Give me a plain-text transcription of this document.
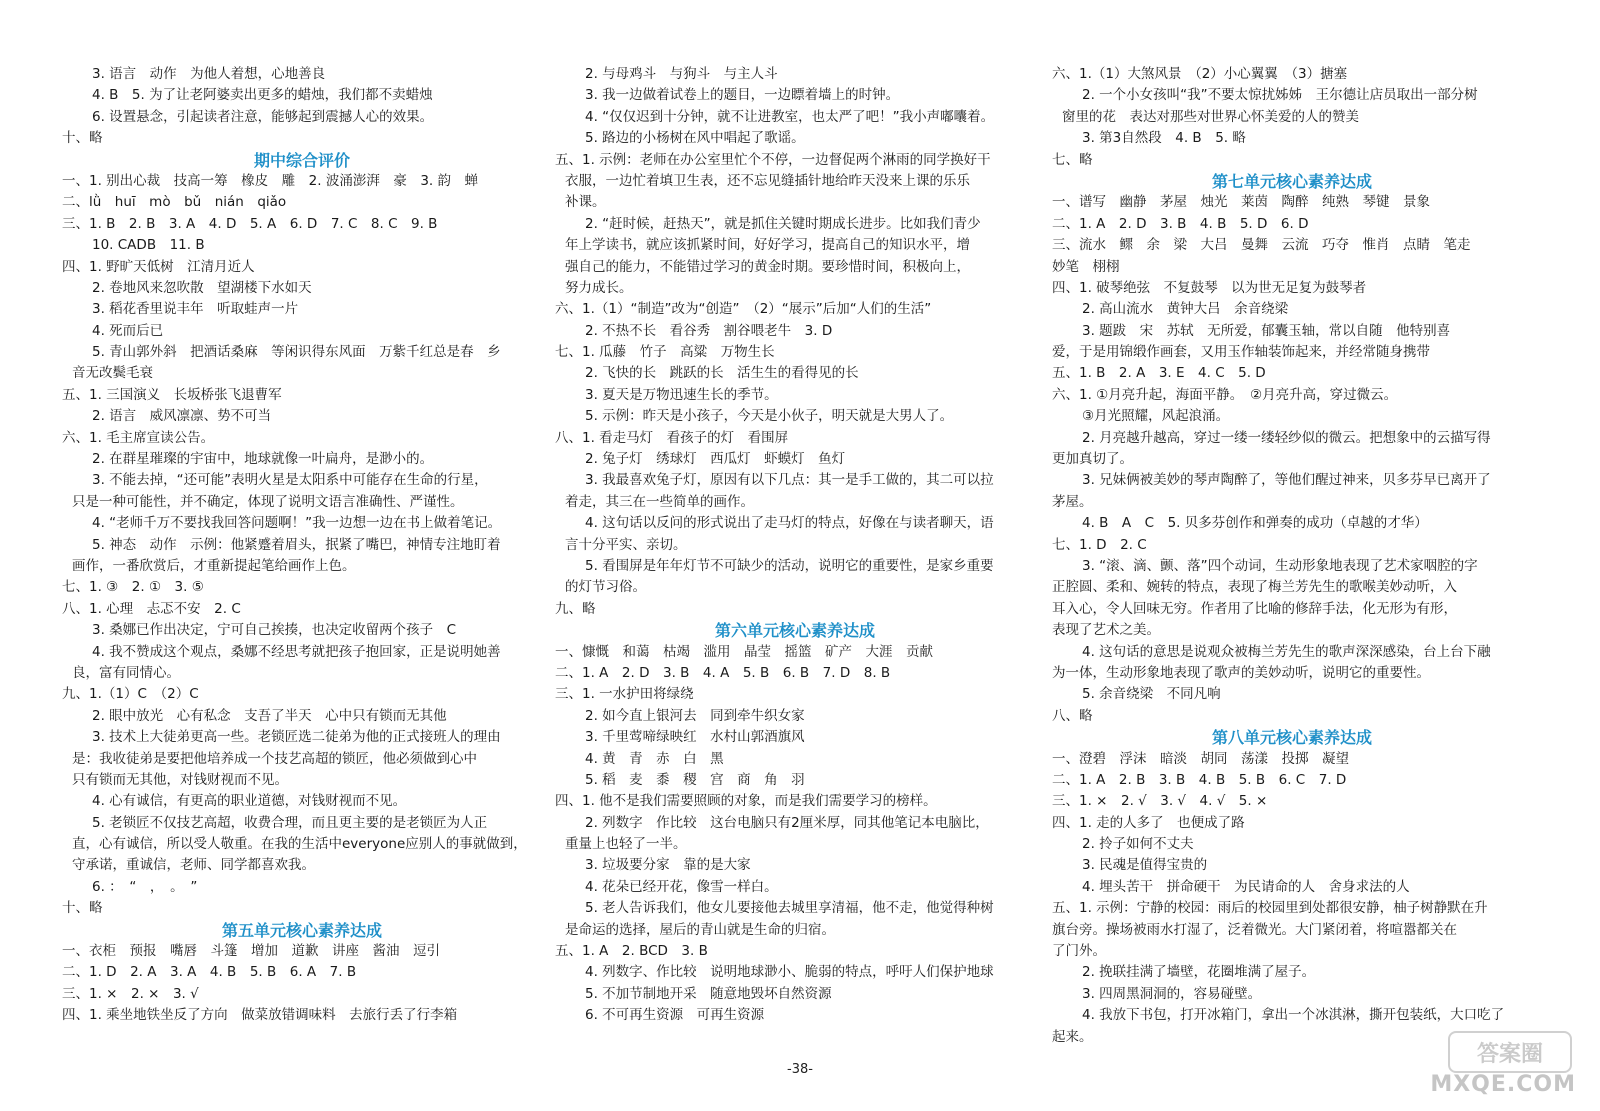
3. 语言　动作　为他人着想，心地善良
4. B　5. 为了让老阿婆卖出更多的蜡烛，我们都不卖蜡烛
6. 设置悬念，引起读者注意，能够起到震撼人心的效果。
十、略
期中综合评价
一、1. 别出心裁　技高一筹　橡皮　雕　2. 波涌澎湃　豪　3. 韵　蝉
二、lǜ　huī　mò　bǔ　nián　qiǎo
三、1. B　2. B　3. A　4. D　5. A　6. D　7. C　8. C　9. B
10. CADB　11. B
四、1. 野旷天低树　江清月近人
2. 卷地风来忽吹散　望湖楼下水如天
3. 稻花香里说丰年　听取蛙声一片
4. 死而后已
5. 青山郭外斜　把酒话桑麻　等闲识得东风面　万紫千红总是春　乡
音无改鬓毛衰
五、1. 三国演义　长坂桥张飞退曹军
2. 语言　威风凛凛、势不可当
六、1. 毛主席宣读公告。
2. 在群星璀璨的宇宙中，地球就像一叶扁舟，是渺小的。
3. 不能去掉，“还可能”表明火星是太阳系中可能存在生命的行星，
只是一种可能性，并不确定，体现了说明文语言准确性、严谨性。
4. “老师千万不要找我回答问题啊！”我一边想一边在书上做着笔记。
5. 神态　动作　示例：他紧蹙着眉头，抿紧了嘴巴，神情专注地盯着
画作，一番欣赏后，才重新提起笔给画作上色。
七、1. ③　2. ①　3. ⑤
八、1. 心理　忐忑不安　2. C
3. 桑娜已作出决定，宁可自己挨揍，也决定收留两个孩子　C
4. 我不赞成这个观点，桑娜不经思考就把孩子抱回家，正是说明她善
良，富有同情心。
九、1.（1）C　（2）C
2. 眼中放光　心有私念　支吾了半天　心中只有锁而无其他
3. 技术上大徒弟更高一些。老锁匠选二徒弟为他的正式接班人的理由
是：我收徒弟是要把他培养成一个技艺高超的锁匠，他必须做到心中
只有锁而无其他，对钱财视而不见。
4. 心有诚信，有更高的职业道德，对钱财视而不见。
5. 老锁匠不仅技艺高超，收费合理，而且更主要的是老锁匠为人正
直，心有诚信，所以受人敬重。在我的生活中everyone应别人的事就做到，
守承诺，重诚信，老师、同学都喜欢我。
6. ：　“　，　。　”
十、略
第五单元核心素养达成
一、衣柜　预报　嘴唇　斗篷　增加　道歉　讲座　酱油　逗引
二、1. D　2. A　3. A　4. B　5. B　6. A　7. B
三、1. ×　2. ×　3. √
四、1. 乘坐地铁坐反了方向　做菜放错调味料　去旅行丢了行李箱
2. 与母鸡斗　与狗斗　与主人斗
3. 我一边做着试卷上的题目，一边瞟着墙上的时钟。
4. “仅仅迟到十分钟，就不让进教室，也太严了吧！”我小声嘟囔着。
5. 路边的小杨树在风中唱起了歌谣。
五、1. 示例：老师在办公室里忙个不停，一边督促两个淋雨的同学换好干
衣服，一边忙着填卫生表，还不忘见缝插针地给昨天没来上课的乐乐
补课。
2. “赶时候，赶热天”，就是抓住关键时期成长进步。比如我们青少
年上学读书，就应该抓紧时间，好好学习，提高自己的知识水平，增
强自己的能力，不能错过学习的黄金时期。要珍惜时间，积极向上，
努力成长。
六、1.（1）“制造”改为“创造”　（2）“展示”后加“人们的生活”
2. 不热不长　看谷秀　割谷喂老牛　3. D
七、1. 瓜藤　竹子　高粱　万物生长
2. 飞快的长　跳跃的长　活生生的看得见的长
3. 夏天是万物迅速生长的季节。
5. 示例：昨天是小孩子，今天是小伙子，明天就是大男人了。
八、1. 看走马灯　看孩子的灯　看围屏
2. 兔子灯　绣球灯　西瓜灯　虾蟆灯　鱼灯
3. 我最喜欢兔子灯，原因有以下几点：其一是手工做的，其二可以拉
着走，其三在一些简单的画作。
4. 这句话以反问的形式说出了走马灯的特点，好像在与读者聊天，语
言十分平实、亲切。
5. 看围屏是年年灯节不可缺少的活动，说明它的重要性，是家乡重要
的灯节习俗。
九、略
第六单元核心素养达成
一、慷慨　和蔼　枯竭　滥用　晶莹　摇篮　矿产　大涯　贡献
二、1. A　2. D　3. B　4. A　5. B　6. B　7. D　8. B
三、1. 一水护田将绿绕
2. 如今直上银河去　同到牵牛织女家
3. 千里莺啼绿映红　水村山郭酒旗风
4. 黄　青　赤　白　黑
5. 稻　麦　黍　稷　宫　商　角　羽
四、1. 他不是我们需要照顾的对象，而是我们需要学习的榜样。
2. 列数字　作比较　这台电脑只有2厘米厚，同其他笔记本电脑比，
重量上也轻了一半。
3. 垃圾要分家　靠的是大家
4. 花朵已经开花，像雪一样白。
5. 老人告诉我们，他女儿要接他去城里享清福，他不走，他觉得种树
是命运的选择，屋后的青山就是生命的归宿。
五、1. A　2. BCD　3. B
4. 列数字、作比较　说明地球渺小、脆弱的特点，呼吁人们保护地球
5. 不加节制地开采　随意地毁坏自然资源
6. 不可再生资源　可再生资源
六、1.（1）大煞风景　（2）小心翼翼　（3）搪塞
2. 一个小女孩叫“我”不要太惊扰姊姊　王尔德让店员取出一部分树
窗里的花　表达对那些对世界心怀美爱的人的赞美
3. 第3自然段　4. B　5. 略
七、略
第七单元核心素养达成
一、谱写　幽静　茅屋　烛光　莱茵　陶醉　纯熟　琴键　景象
二、1. A　2. D　3. B　4. B　5. D　6. D
三、流水　鳏　余　梁　大吕　曼舞　云流　巧夺　惟肖　点睛　笔走
妙笔　栩栩
四、1. 破琴绝弦　不复鼓琴　以为世无足复为鼓琴者
2. 高山流水　黄钟大吕　余音绕梁
3. 题跋　宋　苏轼　无所爱，郁囊玉轴，常以自随　他特别喜
爱，于是用锦缎作画套，又用玉作轴装饰起来，并经常随身携带
五、1. B　2. A　3. E　4. C　5. D
六、1. ①月亮升起，海面平静。　②月亮升高，穿过微云。
③月光照耀，风起浪涌。
2. 月亮越升越高，穿过一缕一缕轻纱似的微云。把想象中的云描写得
更加真切了。
3. 兄妹俩被美妙的琴声陶醉了，等他们醒过神来，贝多芬早已离开了
茅屋。
4. B　A　C　5. 贝多芬创作和弹奏的成功（卓越的才华）
七、1. D　2. C
3. “滚、滴、颤、落”四个动词，生动形象地表现了艺术家咽腔的字
正腔圆、柔和、婉转的特点，表现了梅兰芳先生的歌喉美妙动听，入
耳入心，令人回味无穷。作者用了比喻的修辞手法，化无形为有形，
表现了艺术之美。
4. 这句话的意思是说观众被梅兰芳先生的歌声深深感染，台上台下融
为一体，生动形象地表现了歌声的美妙动听，说明它的重要性。
5. 余音绕梁　不同凡响
八、略
第八单元核心素养达成
一、澄碧　浮沫　暗淡　胡同　荡漾　投掷　凝望
二、1. A　2. B　3. B　4. B　5. B　6. C　7. D
三、1. ×　2. √　3. √　4. √　5. ×
四、1. 走的人多了　也便成了路
2. 拎子如何不丈夫
3. 民魂是值得宝贵的
4. 埋头苦干　拼命硬干　为民请命的人　舍身求法的人
五、1. 示例：宁静的校园：雨后的校园里到处都很安静，柚子树静默在升
旗台旁。操场被雨水打湿了，泛着微光。大门紧闭着，将喧嚣都关在
了门外。
2. 挽联挂满了墙壁，花圈堆满了屋子。
3. 四周黑洞洞的，容易碰壁。
4. 我放下书包，打开冰箱门，拿出一个冰淇淋，撕开包装纸，大口吃了
起来。
-38-
答案圈
MXQE.COM
